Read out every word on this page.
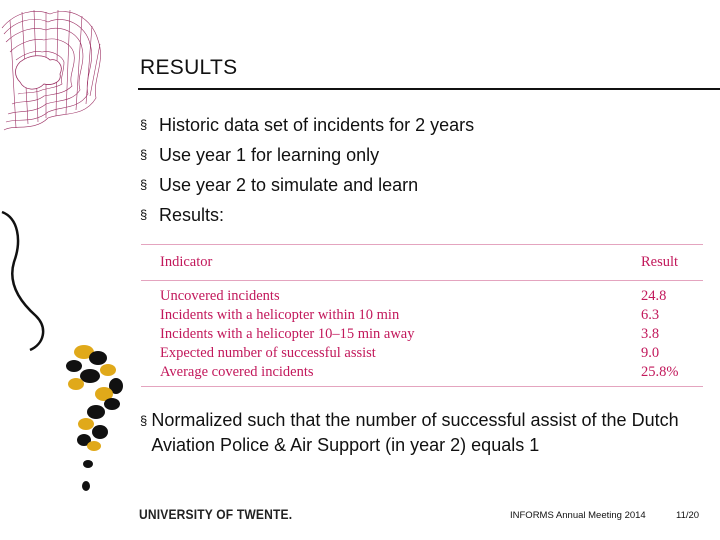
RESULTS
§ Historic data set of incidents for 2 years
§ Use year 1 for learning only
§ Use year 2 to simulate and learn
§ Results:
Indicator	Result
Uncovered incidents	24.8
Incidents with a helicopter within 10 min	6.3
Incidents with a helicopter 10–15 min away	3.8
Expected number of successful assist	9.0
Average covered incidents	25.8%
§ Normalized such that the number of successful assist of the Dutch Aviation Police & Air Support (in year 2) equals 1
UNIVERSITY OF TWENTE.	INFORMS Annual Meeting 2014	11/20
